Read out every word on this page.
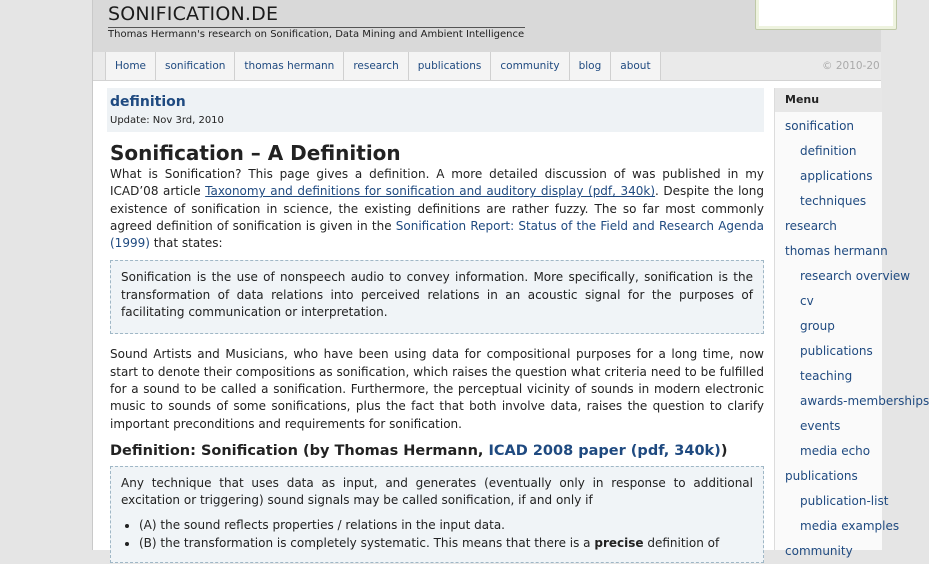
SONIFICATION.DE
Thomas Hermann's research on Sonification, Data Mining and Ambient Intelligence
Home	sonification	thomas hermann	research	publications	community	blog	about	© 2010-20
definition
Update: Nov 3rd, 2010
Sonification – A Definition

What is Sonification? This page gives a definition. A more detailed discussion of was published in my ICAD’08 article Taxonomy and definitions for sonification and auditory display (pdf, 340k). Despite the long existence of sonification in science, the existing definitions are rather fuzzy. The so far most commonly agreed definition of sonification is given in the Sonification Report: Status of the Field and Research Agenda (1999) that states:

Sonification is the use of nonspeech audio to convey information. More specifically, sonification is the transformation of data relations into perceived relations in an acoustic signal for the purposes of facilitating communication or interpretation.

Sound Artists and Musicians, who have been using data for compositional purposes for a long time, now start to denote their compositions as sonification, which raises the question what criteria need to be fulfilled for a sound to be called a sonification. Furthermore, the perceptual vicinity of sounds in modern electronic music to sounds of some sonifications, plus the fact that both involve data, raises the question to clarify important preconditions and requirements for sonification.

Definition: Sonification (by Thomas Hermann, ICAD 2008 paper (pdf, 340k))
Any technique that uses data as input, and generates (eventually only in response to additional excitation or triggering) sound signals may be called sonification, if and only if
• (A) the sound reflects properties / relations in the input data.
• (B) the transformation is completely systematic. This means that there is a precise definition of
Menu
sonification
definition
applications
techniques
research
thomas hermann
research overview
cv
group
publications
teaching
awards-memberships
events
media echo
publications
publication-list
media examples
community
